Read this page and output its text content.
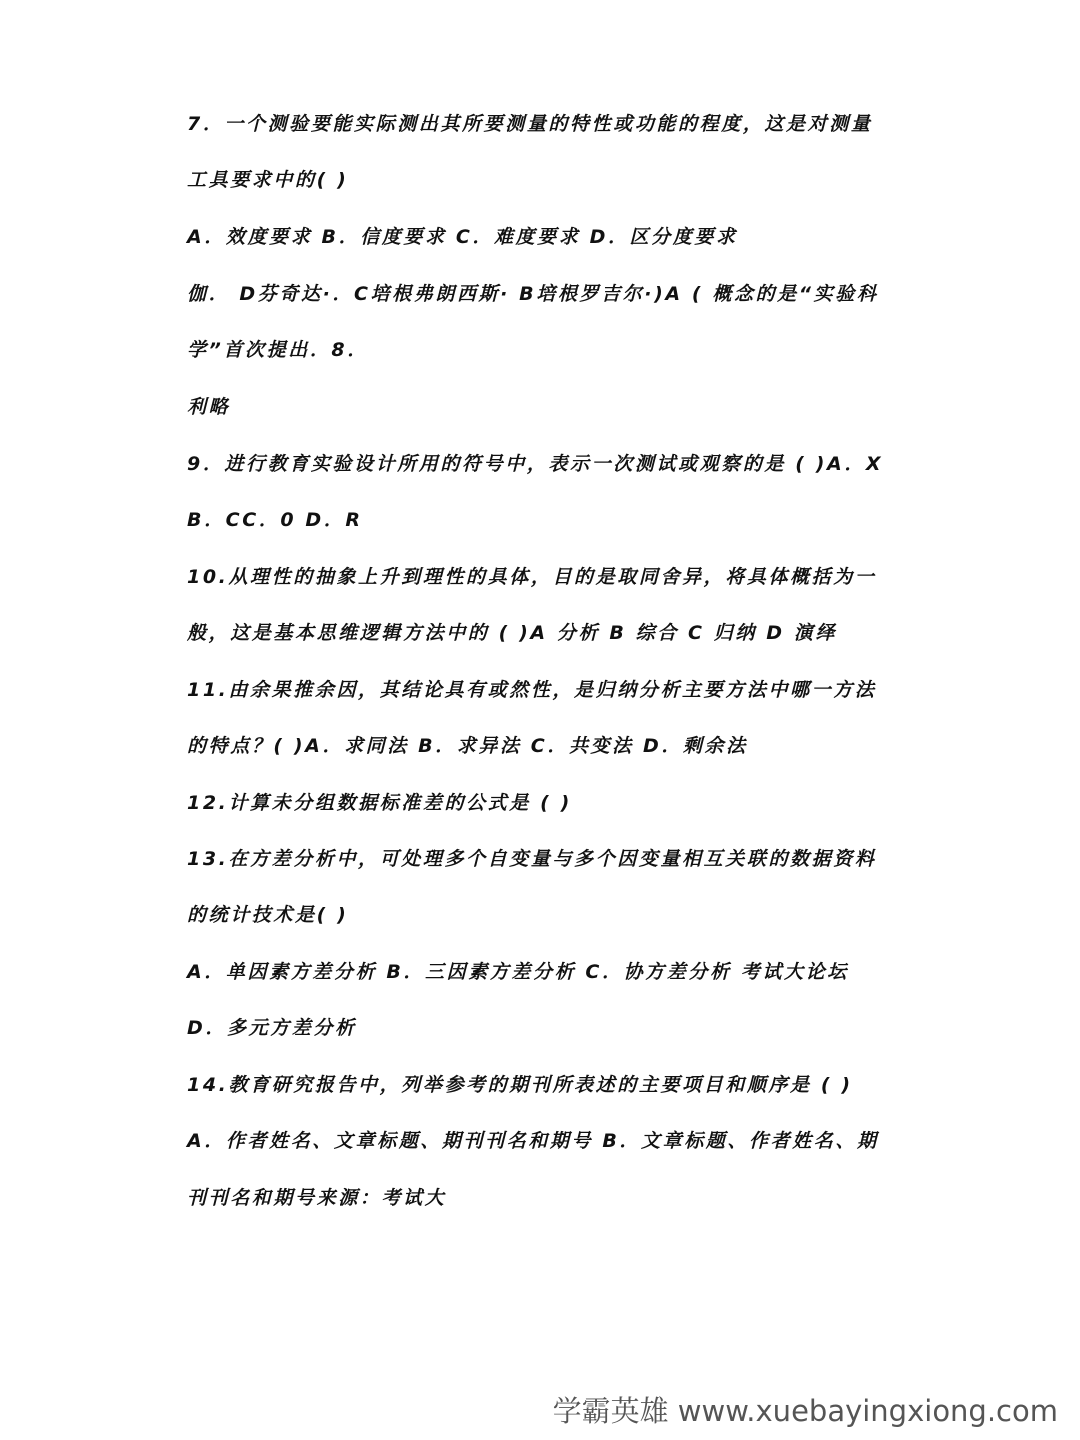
7．一个测验要能实际测出其所要测量的特性或功能的程度，这是对测量
工具要求中的( )
A．效度要求 B．信度要求 C．难度要求 D．区分度要求
伽． D芬奇达·．C培根弗朗西斯· B培根罗吉尔·)A ( 概念的是“实验科
学”首次提出．8．
利略
9．进行教育实验设计所用的符号中，表示一次测试或观察的是 ( )A．X
B．CC．0 D．R
10.从理性的抽象上升到理性的具体，目的是取同舍异，将具体概括为一
般，这是基本思维逻辑方法中的 ( )A 分析 B 综合 C 归纳 D 演绎
11.由余果推余因，其结论具有或然性，是归纳分析主要方法中哪一方法
的特点？( )A．求同法 B．求异法 C．共变法 D．剩余法
12.计算未分组数据标准差的公式是 ( )
13.在方差分析中，可处理多个自变量与多个因变量相互关联的数据资料
的统计技术是( )
A．单因素方差分析 B．三因素方差分析 C．协方差分析 考试大论坛
D．多元方差分析
14.教育研究报告中，列举参考的期刊所表述的主要项目和顺序是 ( )
A．作者姓名、文章标题、期刊刊名和期号 B．文章标题、作者姓名、期
刊刊名和期号来源：考试大
学霸英雄 www.xuebayingxiong.com
